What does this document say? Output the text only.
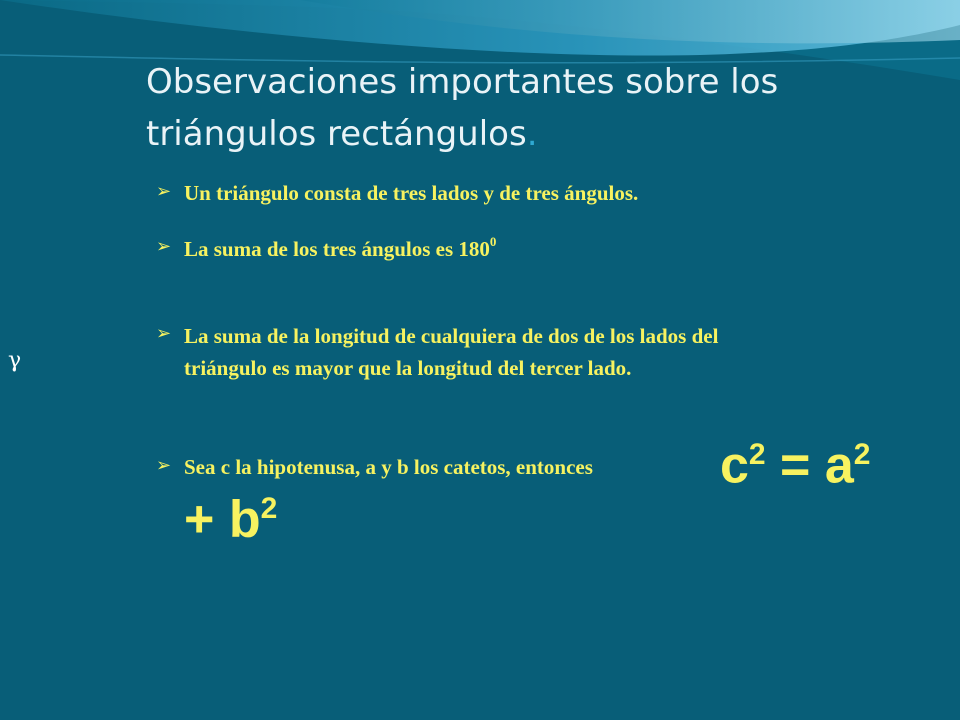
Observaciones importantes sobre los triángulos rectángulos.
➢ Un triángulo consta de tres lados y de tres ángulos.
➢ La suma de los tres ángulos es $180^0$
➢ La suma de la longitud de cualquiera de dos de los lados del
triángulo es mayor que la longitud del tercer lado.
➢ Sea c la hipotenusa, a y b los catetos, entonces $c^2 = a^2$
+ $b^2$
γ
